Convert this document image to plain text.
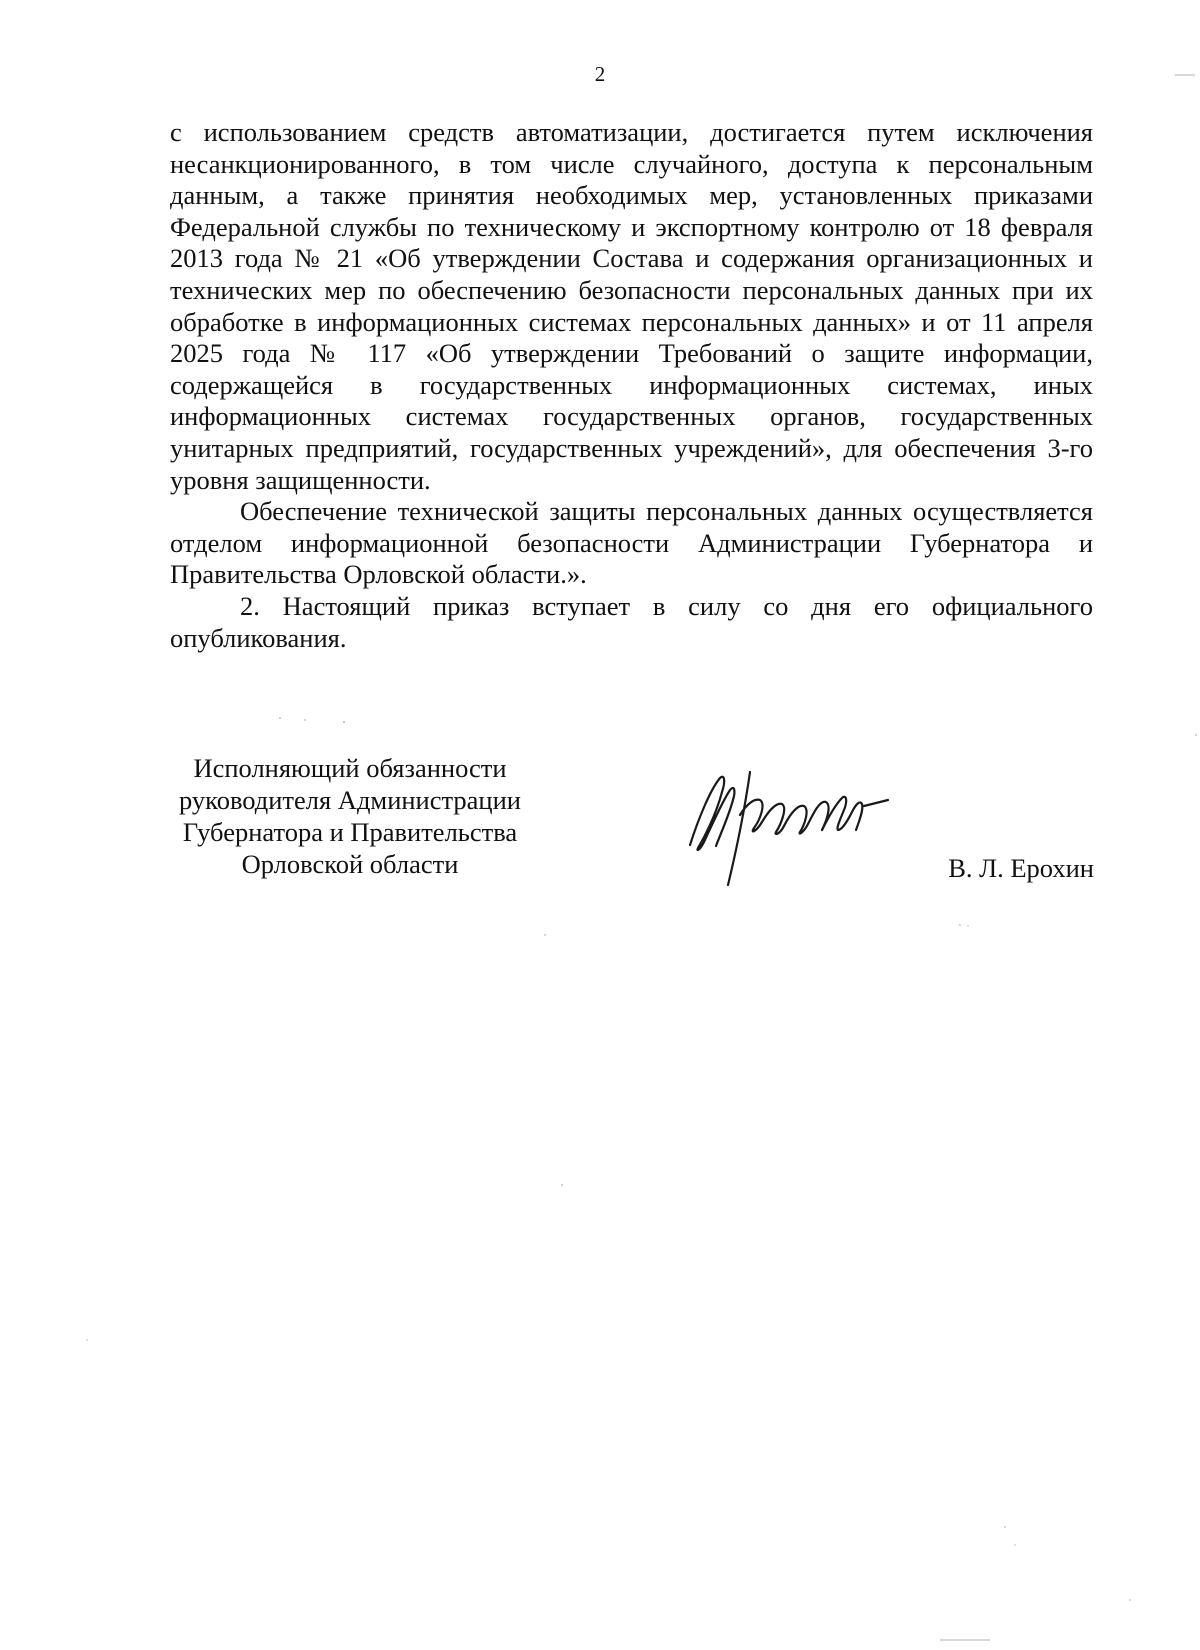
2

с использованием средств автоматизации, достигается путем исключения несанкционированного, в том числе случайного, доступа к персональным данным, а также принятия необходимых мер, установленных приказами Федеральной службы по техническому и экспортному контролю от 18 февраля 2013 года № 21 «Об утверждении Состава и содержания организационных и технических мер по обеспечению безопасности персональных данных при их обработке в информационных системах персональных данных» и от 11 апреля 2025 года № 117 «Об утверждении Требований о защите информации, содержащейся в государственных информационных системах, иных информационных системах государственных органов, государственных унитарных предприятий, государственных учреждений», для обеспечения 3-го уровня защищенности.

Обеспечение технической защиты персональных данных осуществляется отделом информационной безопасности Администрации Губернатора и Правительства Орловской области.».

2. Настоящий приказ вступает в силу со дня его официального опубликования.

Исполняющий обязанности
руководителя Администрации
Губернатора и Правительства
Орловской области	В. Л. Ерохин
